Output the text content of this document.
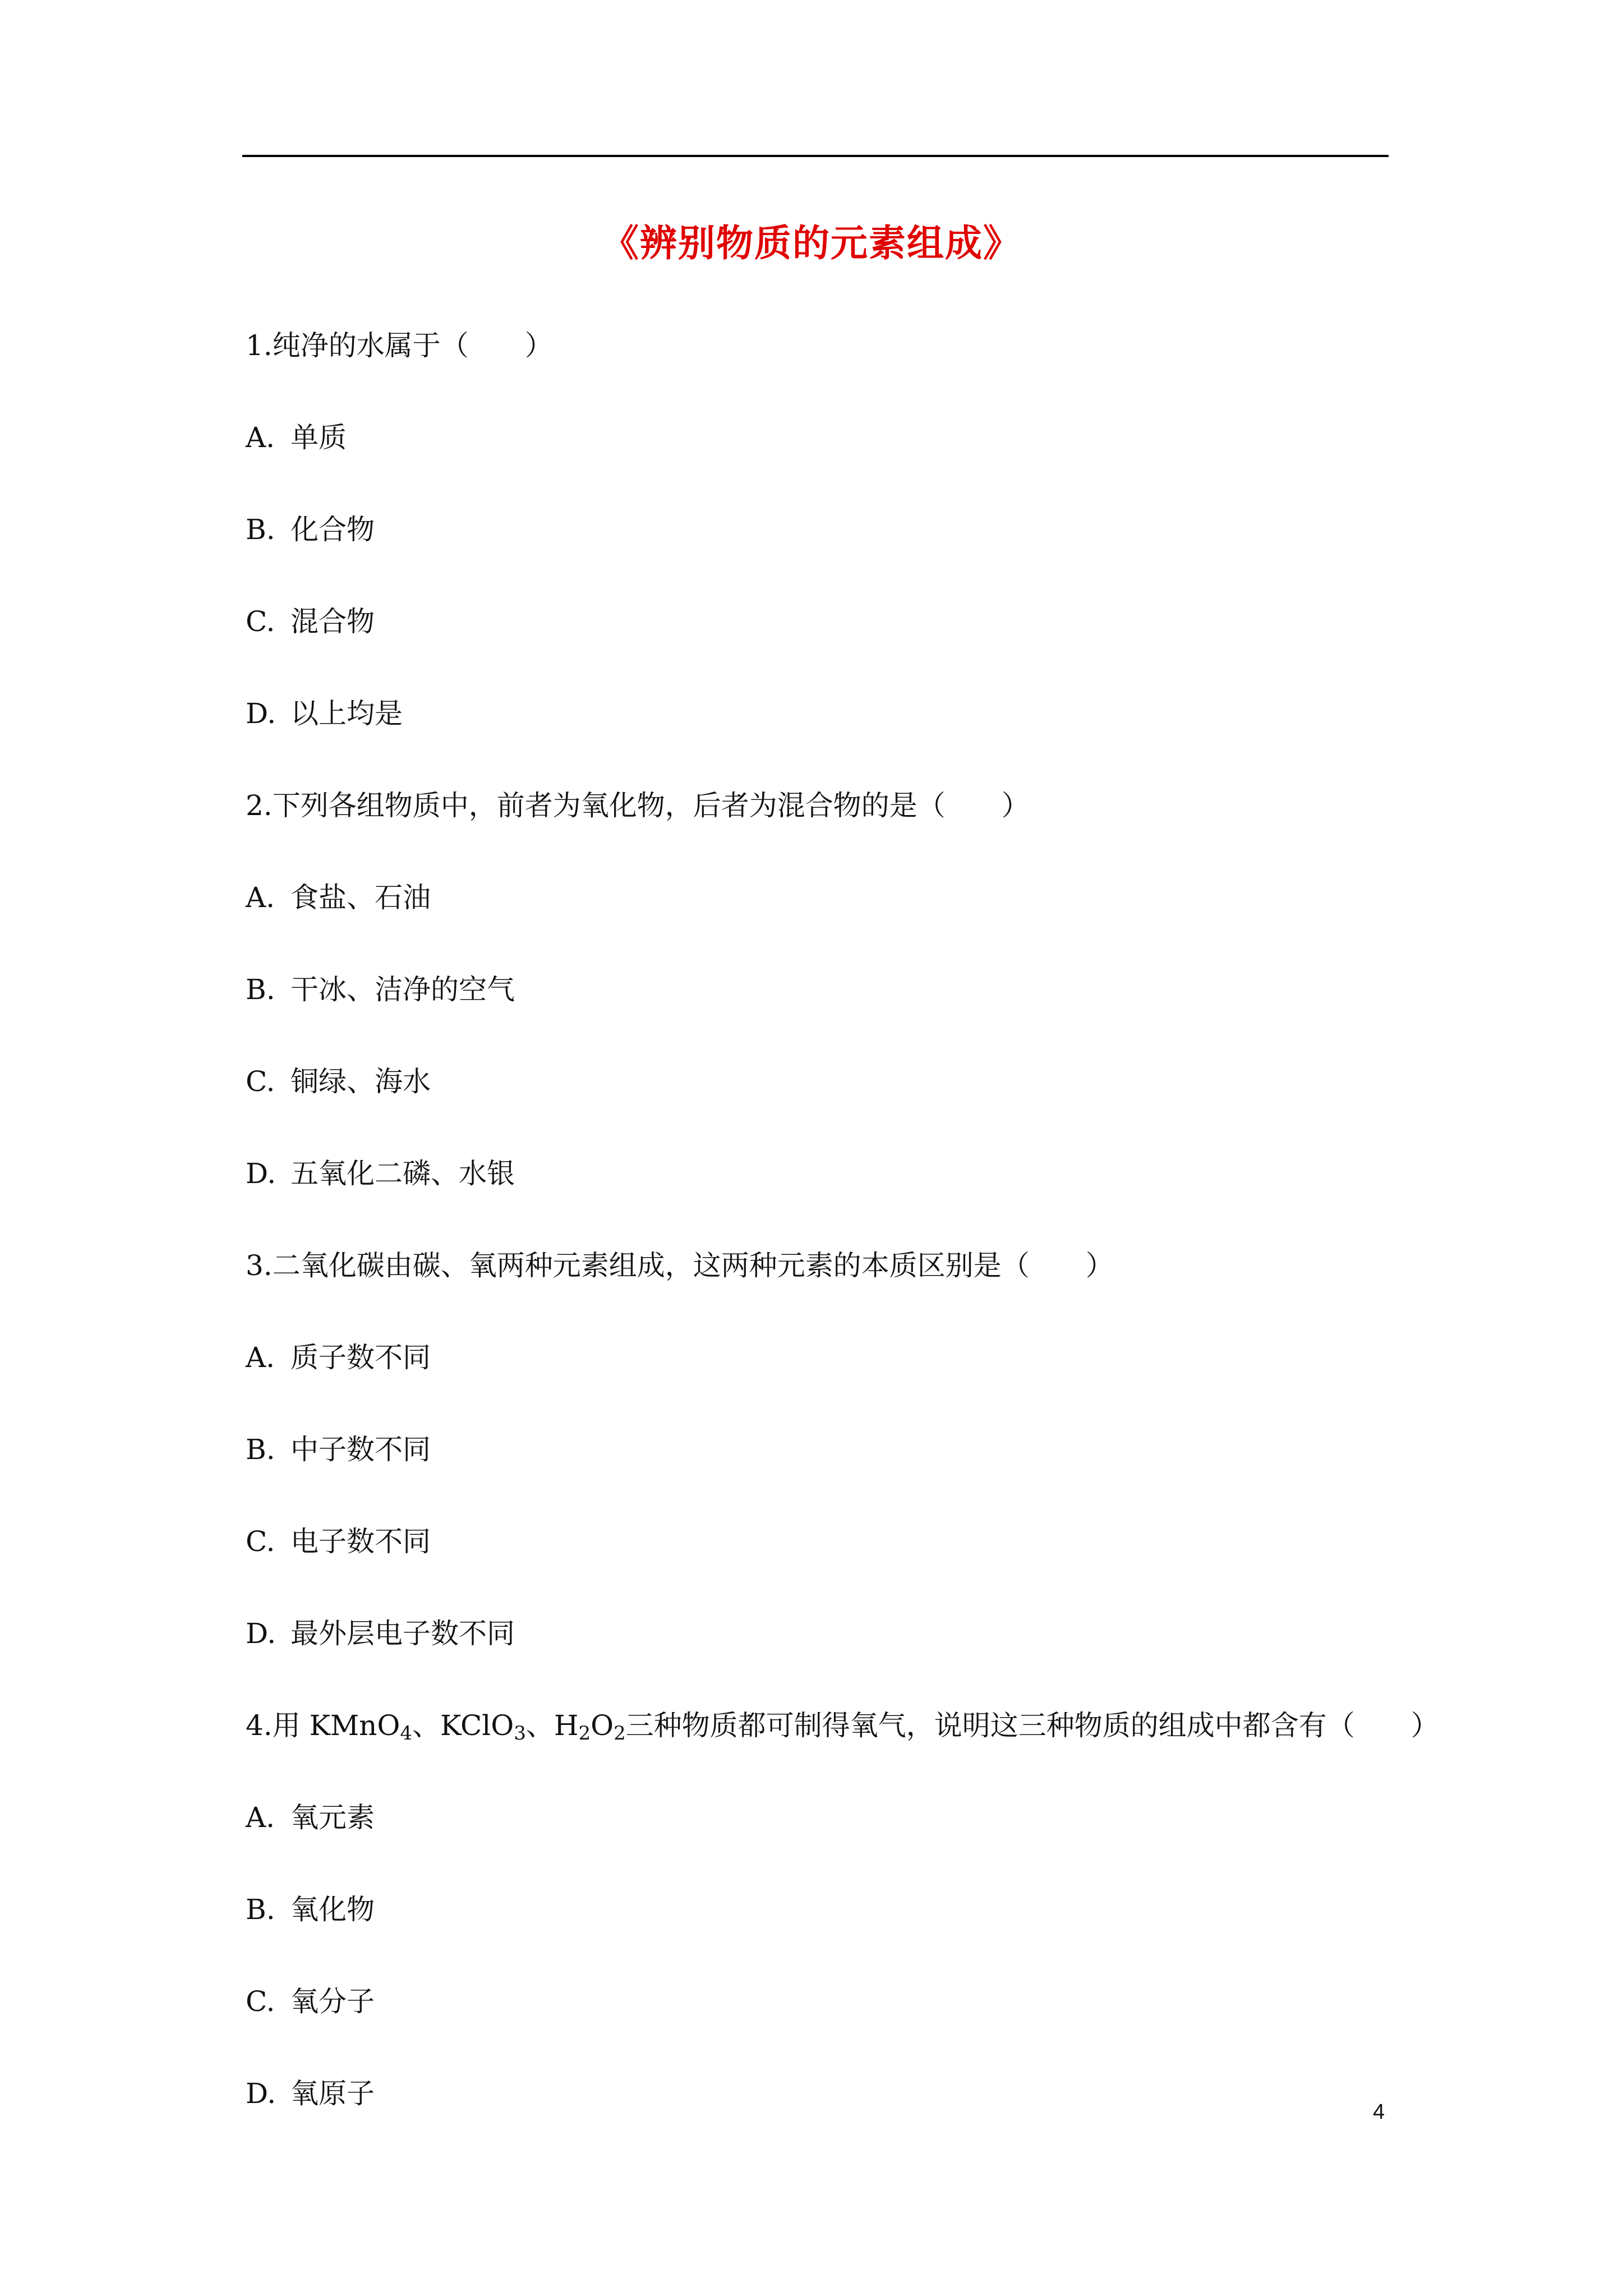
《辨别物质的元素组成》
1.纯净的水属于（　　）
A. 单质
B. 化合物
C. 混合物
D. 以上均是
2.下列各组物质中，前者为氧化物，后者为混合物的是（　　）
A. 食盐、石油
B. 干冰、洁净的空气
C. 铜绿、海水
D. 五氧化二磷、水银
3.二氧化碳由碳、氧两种元素组成，这两种元素的本质区别是（　　）
A. 质子数不同
B. 中子数不同
C. 电子数不同
D. 最外层电子数不同
4.用 KMnO$_4$、KClO$_3$、$H_2O_2$三种物质都可制得氧气，说明这三种物质的组成中都含有（　　）
A. 氧元素
B. 氧化物
C. 氧分子
D. 氧原子
4
